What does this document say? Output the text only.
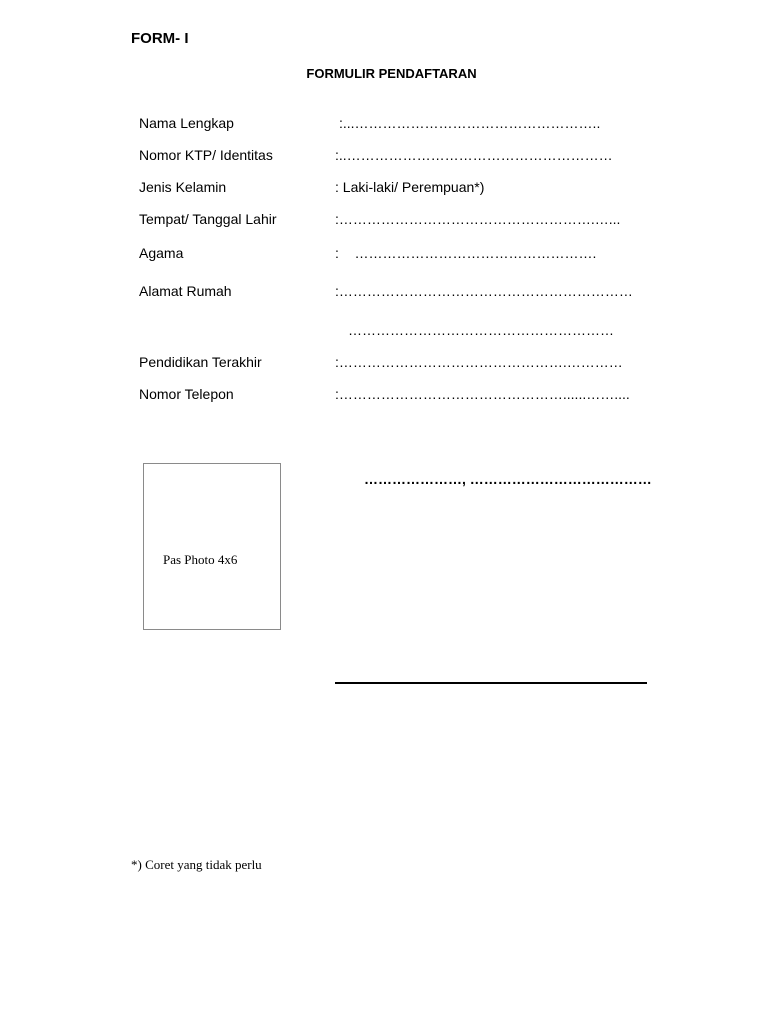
FORM- I
FORMULIR PENDAFTARAN
Nama Lengkap	:...……………………………………………..
Nomor KTP/ Identitas	:..…………………………………………………
Jenis Kelamin	: Laki-laki/ Perempuan*)
Tempat/ Tanggal Lahir	:……………………………………………….…...
Agama	:    …………………………………………….
Alamat Rumah	:………………………………………………………
…………………………………………………
Pendidikan Terakhir	:………………………………………….…………
Nomor Telepon	:…………………………………………......……....
Pas Photo 4x6
…………………, …………………………………
*) Coret yang tidak perlu
